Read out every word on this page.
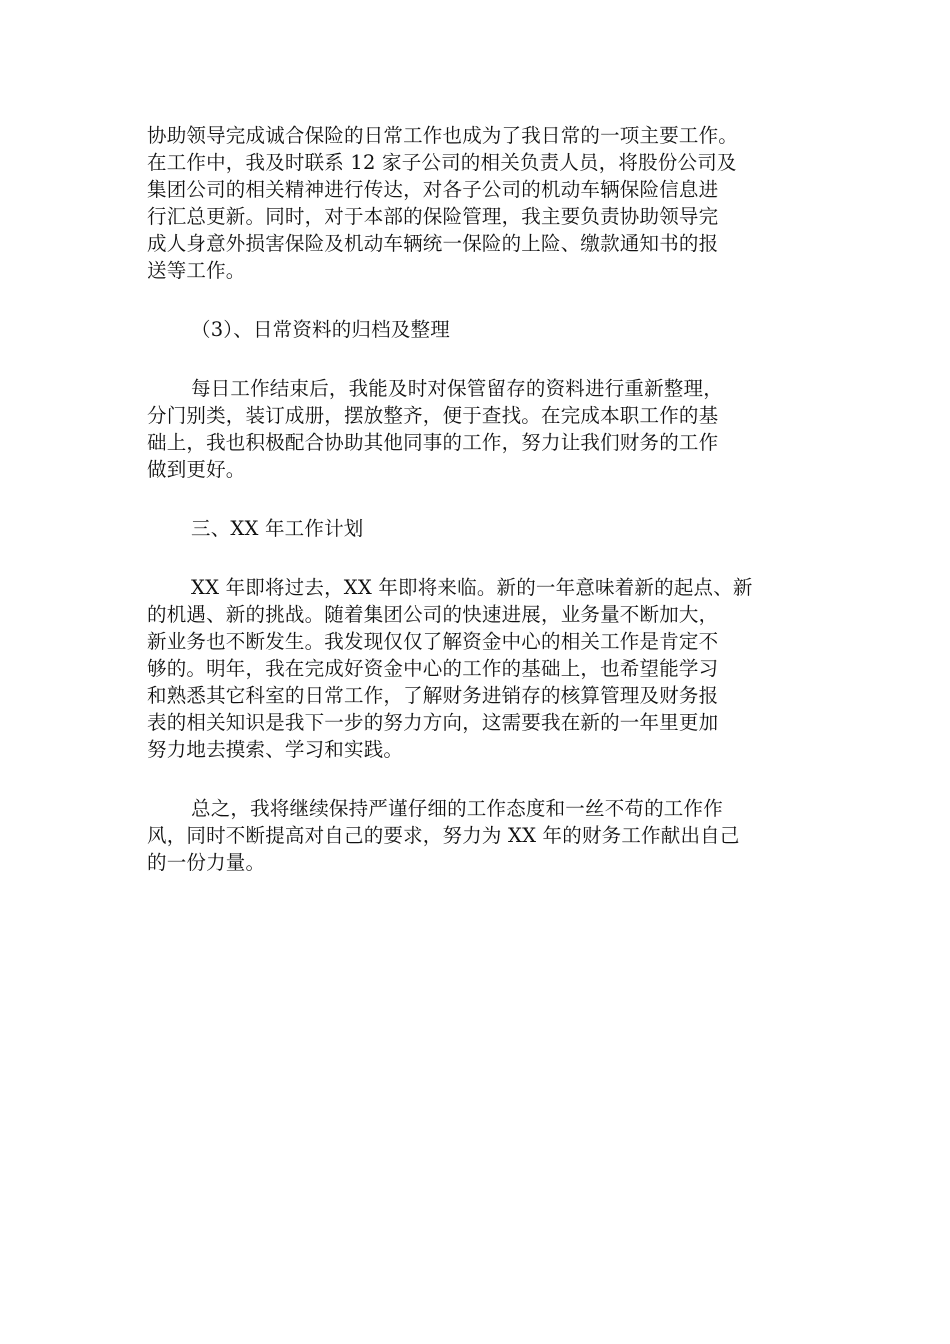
协助领导完成诚合保险的日常工作也成为了我日常的一项主要工作。
在工作中，我及时联系 12 家子公司的相关负责人员，将股份公司及
集团公司的相关精神进行传达，对各子公司的机动车辆保险信息进
行汇总更新。同时，对于本部的保险管理，我主要负责协助领导完
成人身意外损害保险及机动车辆统一保险的上险、缴款通知书的报
送等工作。
（3）、日常资料的归档及整理
每日工作结束后，我能及时对保管留存的资料进行重新整理，
分门别类，装订成册，摆放整齐，便于查找。在完成本职工作的基
础上，我也积极配合协助其他同事的工作，努力让我们财务的工作
做到更好。
三、XX 年工作计划
XX 年即将过去，XX 年即将来临。新的一年意味着新的起点、新
的机遇、新的挑战。随着集团公司的快速进展，业务量不断加大，
新业务也不断发生。我发现仅仅了解资金中心的相关工作是肯定不
够的。明年，我在完成好资金中心的工作的基础上，也希望能学习
和熟悉其它科室的日常工作，了解财务进销存的核算管理及财务报
表的相关知识是我下一步的努力方向，这需要我在新的一年里更加
努力地去摸索、学习和实践。
总之，我将继续保持严谨仔细的工作态度和一丝不苟的工作作
风，同时不断提高对自己的要求，努力为 XX 年的财务工作献出自己
的一份力量。
